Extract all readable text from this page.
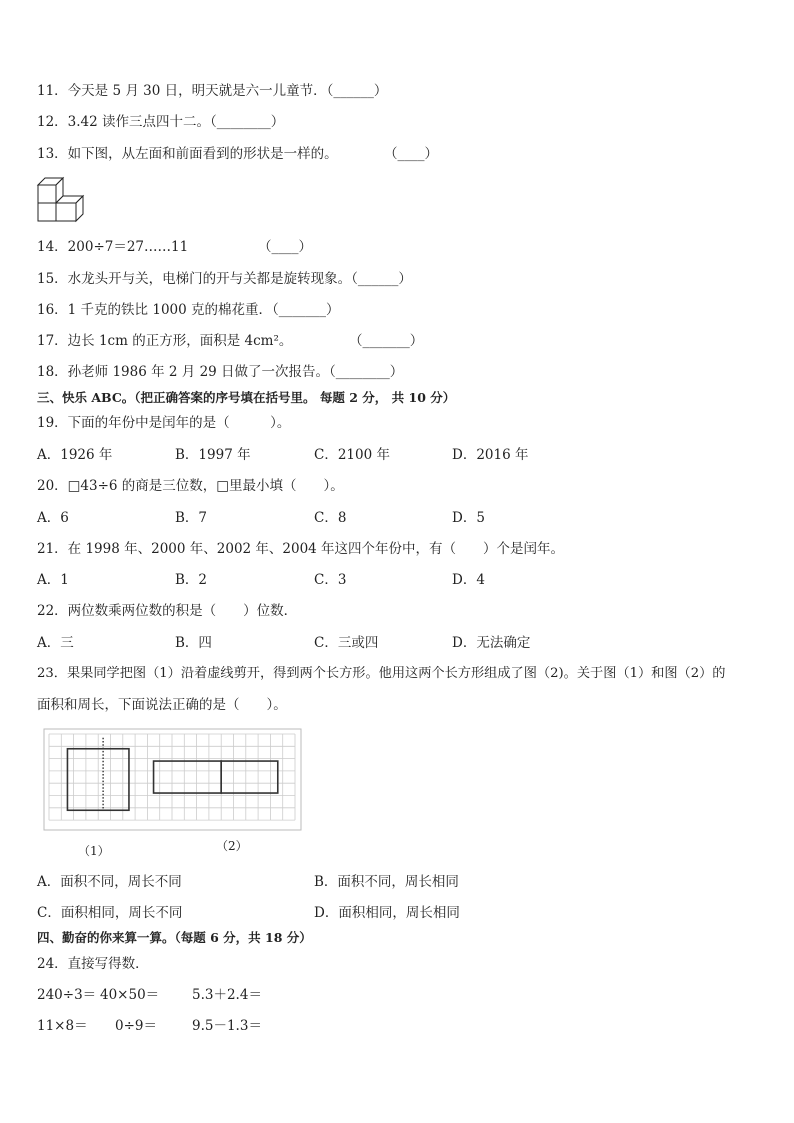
11．今天是 5 月 30 日，明天就是六一儿童节．（______）
12．3.42 读作三点四十二。（________）
13．如下图，从左面和前面看到的形状是一样的。	（____）
14．200÷7＝27……11	（____）
15．水龙头开与关，电梯门的开与关都是旋转现象。（______）
16．1 千克的铁比 1000 克的棉花重．（_______）
17．边长 1cm 的正方形，面积是 4cm²。	（_______）
18．孙老师 1986 年 2 月 29 日做了一次报告。（________）
三、快乐 ABC。（把正确答案的序号填在括号里。 每题 2 分， 共 10 分）
19．下面的年份中是闰年的是（　　　）。
A．1926 年	B．1997 年	C．2100 年	D．2016 年
20．□43÷6 的商是三位数，□里最小填（　　）。
A．6	B．7	C．8	D．5
21．在 1998 年、2000 年、2002 年、2004 年这四个年份中，有（　　）个是闰年。
A．1	B．2	C．3	D．4
22．两位数乘两位数的积是（　　）位数．
A．三	B．四	C．三或四	D．无法确定
23．果果同学把图（1）沿着虚线剪开，得到两个长方形。他用这两个长方形组成了图（2)。关于图（1）和图（2）的
面积和周长，下面说法正确的是（　　）。
（1）	（2）
A．面积不同，周长不同	B．面积不同，周长相同
C．面积相同，周长不同	D．面积相同，周长相同
四、勤奋的你来算一算。（每题 6 分，共 18 分）
24．直接写得数．
240÷3＝ 40×50＝ 5.3＋2.4＝
11×8＝ 0÷9＝	9.5－1.3＝
